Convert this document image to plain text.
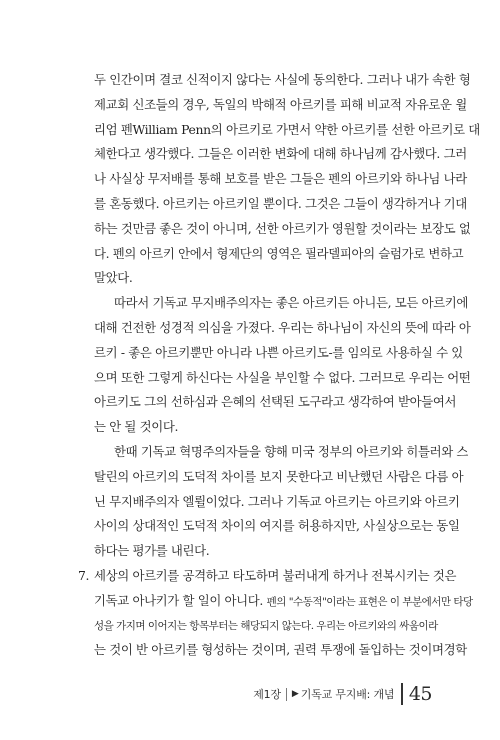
두 인간이며 결코 신적이지 않다는 사실에 동의한다. 그러나 내가 속한 형
제교회 신조들의 경우, 독일의 박해적 아르키를 피해 비교적 자유로운 윌
리엄 펜William Penn의 아르키로 가면서 약한 아르키를 선한 아르키로 대
체한다고 생각했다. 그들은 이러한 변화에 대해 하나님께 감사했다. 그러
나 사실상 무저배를 통해 보호를 받은 그들은 펜의 아르키와 하나님 나라
를 혼동했다. 아르키는 아르키일 뿐이다. 그것은 그들이 생각하거나 기대
하는 것만큼 좋은 것이 아니며, 선한 아르키가 영원할 것이라는 보장도 없
다. 펜의 아르키 안에서 형제단의 영역은 필라델피아의 슬럼가로 변하고
말았다.
따라서 기독교 무지배주의자는 좋은 아르키든 아니든, 모든 아르키에
대해 건전한 성경적 의심을 가졌다. 우리는 하나님이 자신의 뜻에 따라 아
르키 - 좋은 아르키뿐만 아니라 나쁜 아르키도-를 임의로 사용하실 수 있
으며 또한 그렇게 하신다는 사실을 부인할 수 없다. 그러므로 우리는 어떤
아르키도 그의 선하심과 은혜의 선택된 도구라고 생각하여 받아들여서
는 안 될 것이다.
한때 기독교 혁명주의자들을 향해 미국 정부의 아르키와 히틀러와 스
탈린의 아르키의 도덕적 차이를 보지 못한다고 비난했던 사람은 다름 아
닌 무지배주의자 엘륄이었다. 그러나 기독교 아르키는 아르키와 아르키
사이의 상대적인 도덕적 차이의 여지를 허용하지만, 사실상으로는 동일
하다는 평가를 내린다.
7. 세상의 아르키를 공격하고 타도하며 불러내게 하거나 전복시키는 것은
기독교 아나키가 할 일이 아니다. 펜의 "수동적"이라는 표현은 이 부분에서만 타당
성을 가지며 이어지는 항목부터는 해당되지 않는다. 우리는 아르키와의 싸움이라
는 것이 반 아르키를 형성하는 것이며, 권력 투쟁에 돌입하는 것이며경학
제1장 ▶ 기독교 무지배: 개념 45
